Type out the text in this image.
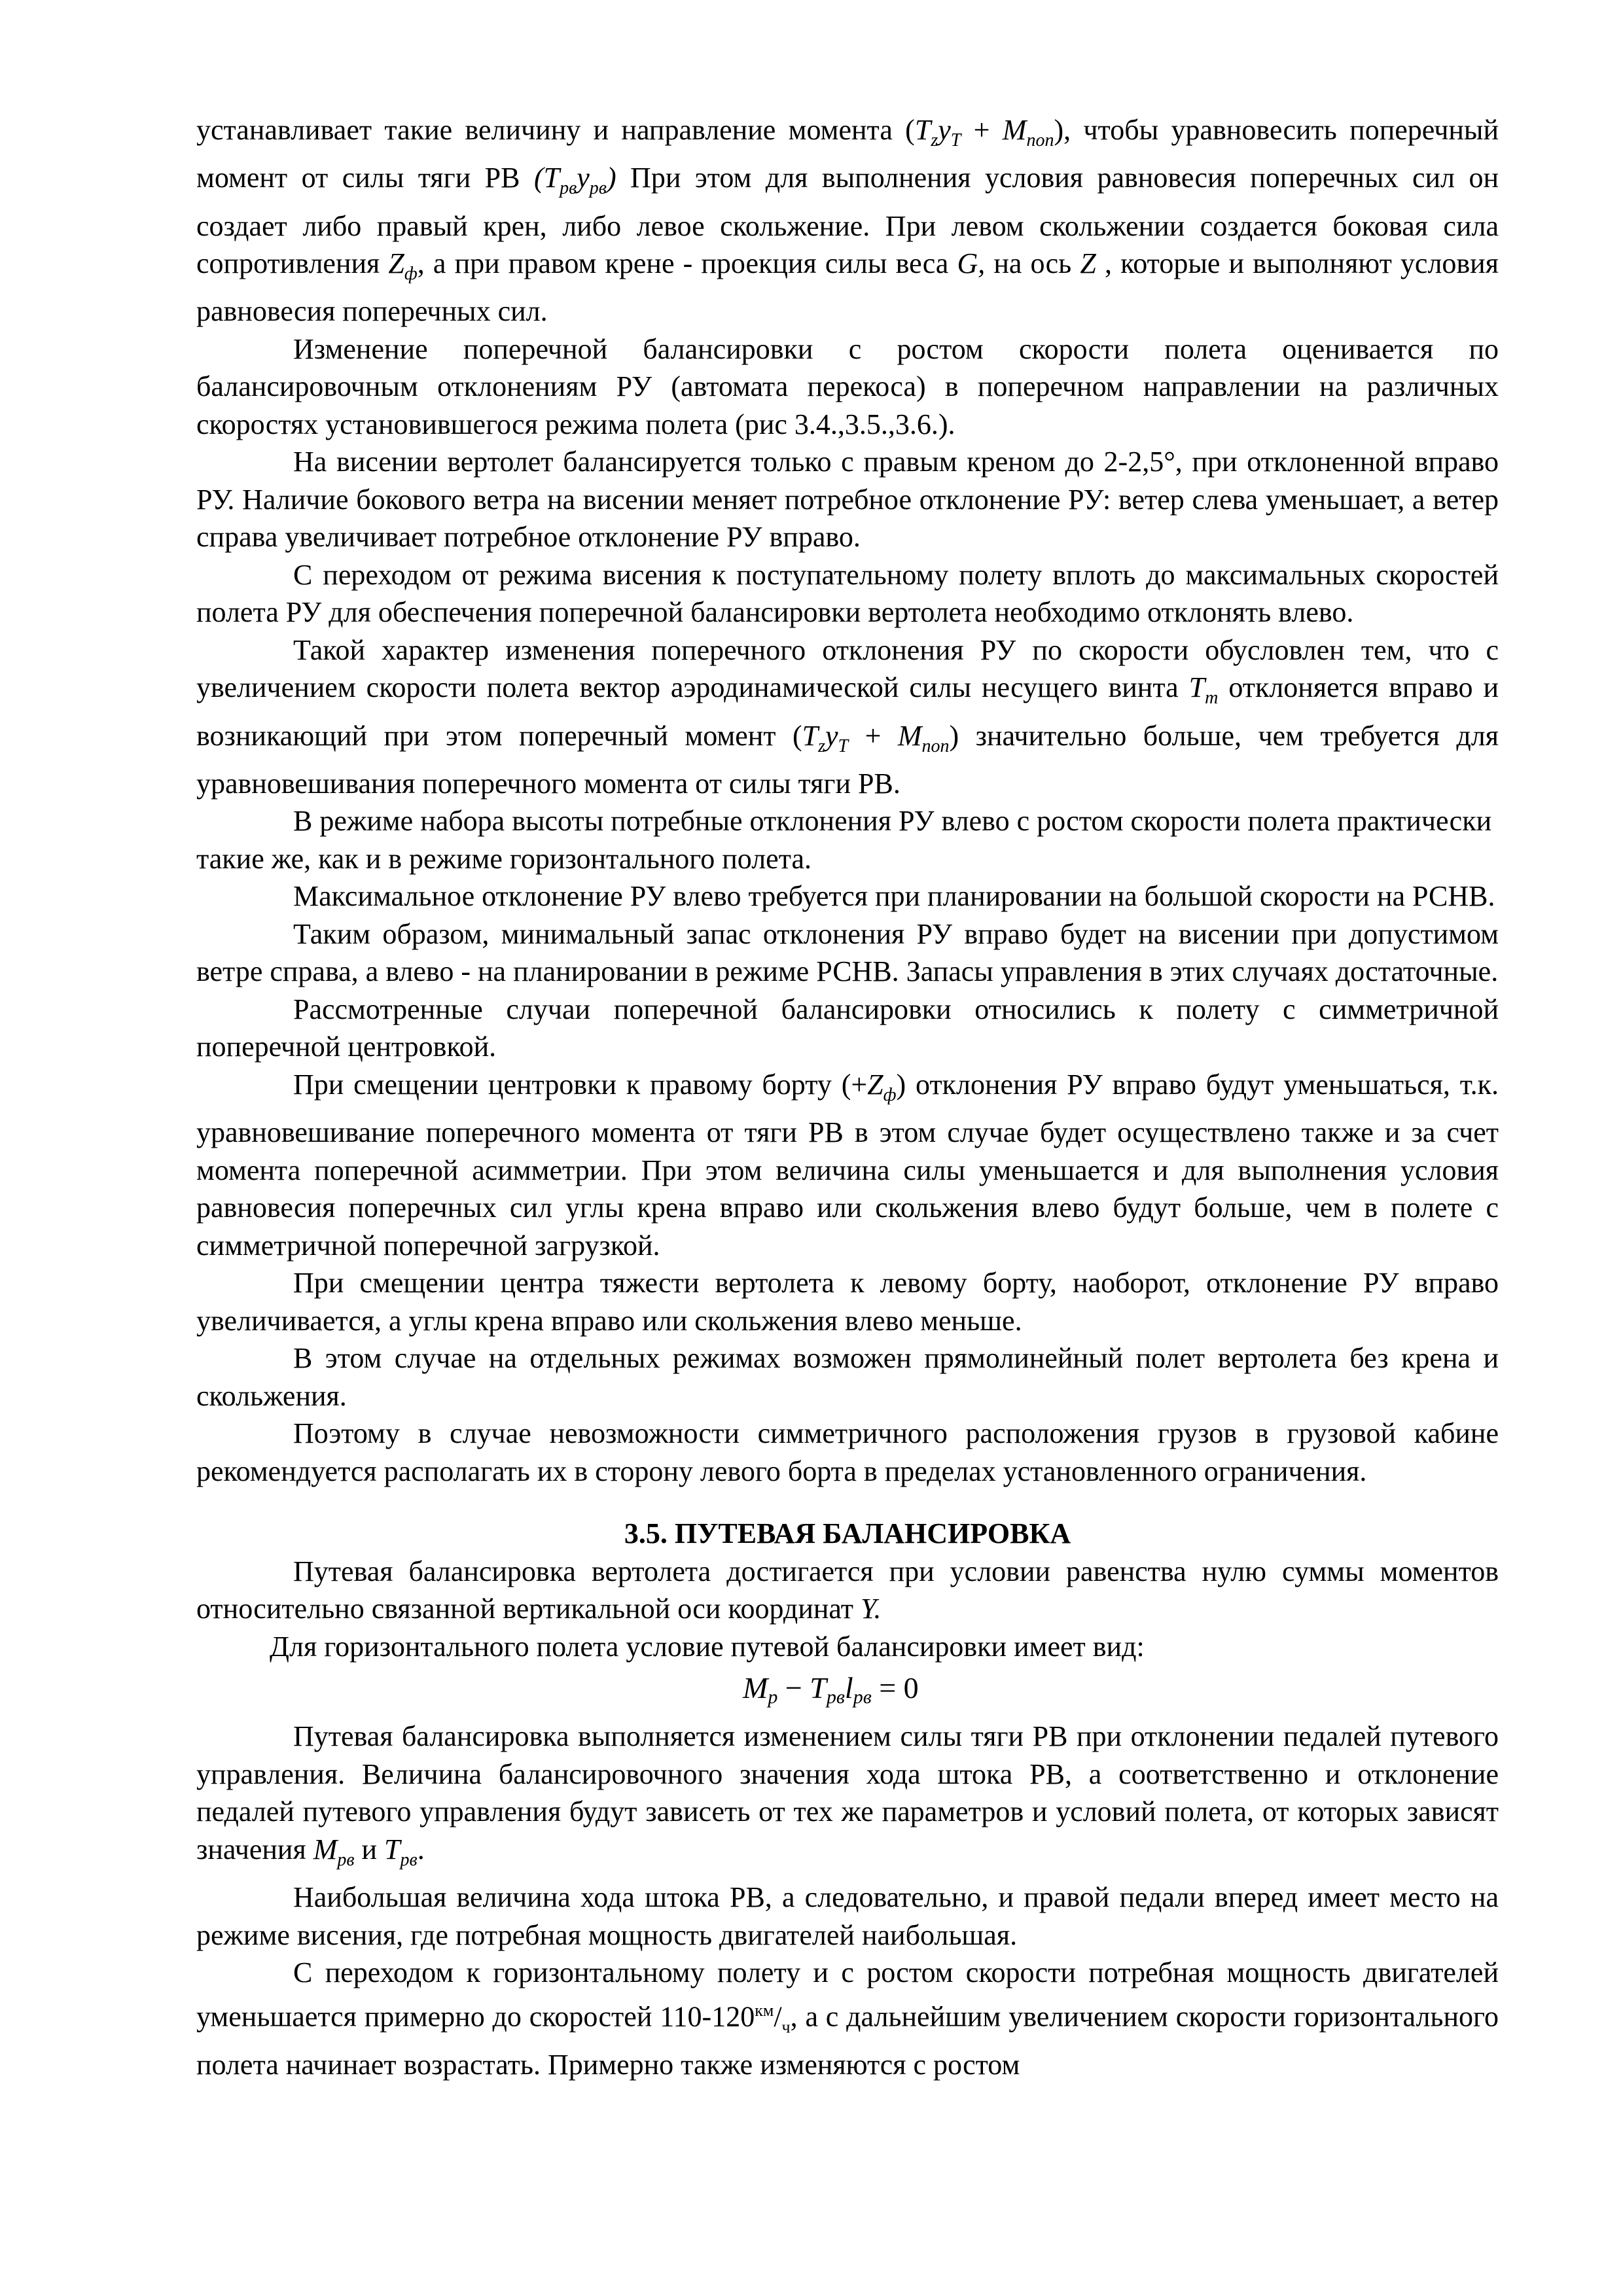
устанавливает такие величину и направление момента $(T_zy_T + M_{поп})$, чтобы уравновесить поперечный момент от силы тяги РВ $(T_{рв}y_{рв})$ При этом для выполнения условия равновесия поперечных сил он создает либо правый крен, либо левое скольжение. При левом скольжении создается боковая сила сопротивления $Z_ф$, а при правом крене - проекция силы веса G, на ось Z , которые и выполняют условия равновесия поперечных сил.

Изменение поперечной балансировки с ростом скорости полета оценивается по балансировочным отклонениям РУ (автомата перекоса) в поперечном направлении на различных скоростях установившегося режима полета (рис 3.4.,3.5.,3.6.).

На висении вертолет балансируется только с правым креном до 2-2,5°, при отклоненной вправо РУ. Наличие бокового ветра на висении меняет потребное отклонение РУ: ветер слева уменьшает, а ветер справа увеличивает потребное отклонение РУ вправо.

С переходом от режима висения к поступательному полету вплоть до максимальных скоростей полета РУ для обеспечения поперечной балансировки вертолета необходимо отклонять влево.

Такой характер изменения поперечного отклонения РУ по скорости обусловлен тем, что с увеличением скорости полета вектор аэродинамической силы несущего винта $T_т$ отклоняется вправо и возникающий при этом поперечный момент $(T_zy_T + M_{поп})$ значительно больше, чем требуется для уравновешивания поперечного момента от силы тяги РВ.

В режиме набора высоты потребные отклонения РУ влево с ростом скорости полета практически такие же, как и в режиме горизонтального полета.

Максимальное отклонение РУ влево требуется при планировании на большой скорости на РСНВ.

Таким образом, минимальный запас отклонения РУ вправо будет на висении при допустимом ветре справа, а влево - на планировании в режиме РСНВ. Запасы управления в этих случаях достаточные.

Рассмотренные случаи поперечной балансировки относились к полету с симметричной поперечной центровкой.

При смещении центровки к правому борту $(+Z_ф)$ отклонения РУ вправо будут уменьшаться, т.к. уравновешивание поперечного момента от тяги РВ в этом случае будет осуществлено также и за счет момента поперечной асимметрии. При этом величина силы уменьшается и для выполнения условия равновесия поперечных сил углы крена вправо или скольжения влево будут больше, чем в полете с симметричной поперечной загрузкой.

При смещении центра тяжести вертолета к левому борту, наоборот, отклонение РУ вправо увеличивается, а углы крена вправо или скольжения влево меньше.

В этом случае на отдельных режимах возможен прямолинейный полет вертолета без крена и скольжения.

Поэтому в случае невозможности симметричного расположения грузов в грузовой кабине рекомендуется располагать их в сторону левого борта в пределах установленного ограничения.

3.5. ПУТЕВАЯ БАЛАНСИРОВКА

Путевая балансировка вертолета достигается при условии равенства нулю суммы моментов относительно связанной вертикальной оси координат Y.

Для горизонтального полета условие путевой балансировки имеет вид:

$M_р - T_{рв}l_{рв} = 0$

Путевая балансировка выполняется изменением силы тяги РВ при отклонении педалей путевого управления. Величина балансировочного значения хода штока РВ, а соответственно и отклонение педалей путевого управления будут зависеть от тех же параметров и условий полета, от которых зависят значения $M_{рв}$ и $T_{рв}$.

Наибольшая величина хода штока РВ, а следовательно, и правой педали вперед имеет место на режиме висения, где потребная мощность двигателей наибольшая.

С переходом к горизонтальному полету и с ростом скорости потребная мощность двигателей уменьшается примерно до скоростей $110-120^{км}/_ч$, а с дальнейшим увеличением скорости горизонтального полета начинает возрастать. Примерно также изменяются с ростом
